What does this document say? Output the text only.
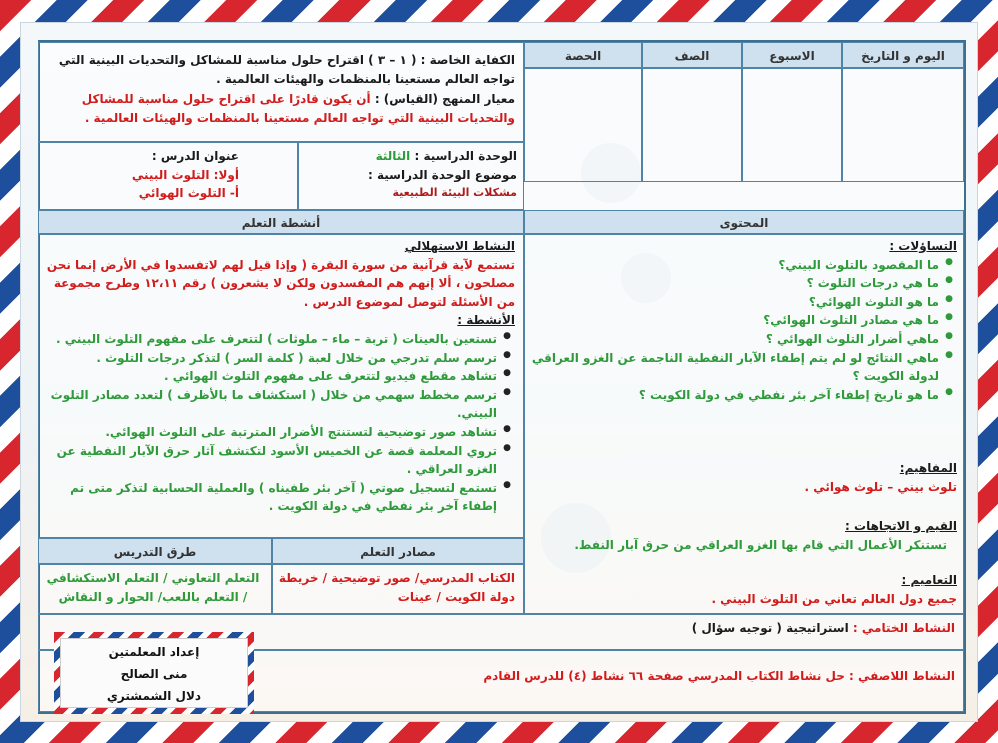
اليوم و التاريخ
الاسبوع
الصف
الحصة
الكفاية الخاصة : ( ١ – ٣ ) اقتراح حلول مناسبة للمشاكل والتحديات البينية التي تواجه العالم مستعينا بالمنظمات والهيئات العالمية .
معيار المنهج (القياس) : أن يكون قادرًا على اقتراح حلول مناسبة للمشاكل والتحديات البينية التي تواجه العالم مستعينا بالمنظمات والهيئات العالمية .
الوحدة الدراسية : الثالثة
موضوع الوحدة الدراسية :
مشكلات البيئة الطبيعية
عنوان الدرس :
أولا: التلوث البيني
أ- التلوث الهوائي
المحتوى
أنشطة التعلم
النشاط الاستهلالي
تستمع لآية قرآنية من سورة البقرة ( وإذا قيل لهم لاتفسدوا في الأرض إنما نحن مصلحون ، ألا إنهم هم المفسدون ولكن لا يشعرون ) رقم ١٢،١١ وطرح مجموعة من الأسئلة لتوصل لموضوع الدرس .
الأنشطة :
● تستعين بالعينات ( تربة – ماء – ملوثات ) لتتعرف على مفهوم التلوث البيني .
● ترسم سلم تدرجي من خلال لعبة ( كلمة السر ) لتذكر درجات التلوث .
● تشاهد مقطع فيديو لتتعرف على مفهوم التلوث الهوائي .
● ترسم مخطط سهمي من خلال ( استكشاف ما بالأظرف ) لتعدد مصادر التلوث البيني.
● تشاهد صور توضيحية لتستنتج الأضرار المترتبة على التلوث الهوائي.
● تروي المعلمة قصة عن الخميس الأسود لتكتشف آثار حرق الآبار النفطية عن الغزو العراقي .
● تستمع لتسجيل صوتي ( آخر بئر طفيناه ) والعملية الحسابية لتذكر متى تم إطفاء آخر بئر نفطي في دولة الكويت .
مصادر التعلم
طرق التدريس
الكتاب المدرسي/ صور توضيحية / خريطة دولة الكويت / عينات
التعلم التعاوني / التعلم الاستكشافي / التعلم باللعب/ الحوار و النقاش
التساؤلات :
● ما المقصود بالتلوث البيني؟
● ما هي درجات التلوث ؟
● ما هو التلوث الهوائي؟
● ما هي مصادر التلوث الهوائي؟
● ماهي أضرار التلوث الهوائي ؟
● ماهي النتائج لو لم يتم إطفاء الآبار النفطية الناجمة عن الغزو العراقي لدولة الكويت ؟
● ما هو تاريخ إطفاء آخر بئر نفطي في دولة الكويت ؟
المفاهيم:
تلوث بيني – تلوث هوائي .
القيم و الاتجاهات :
تستنكر الأعمال التي قام بها الغزو العراقي من حرق آبار النفط.
التعاميم :
جميع دول العالم تعاني من التلوث البيني .
النشاط الختامي : استراتيجية ( توجيه سؤال )
النشاط اللاصفي : حل نشاط الكتاب المدرسي صفحة ٦٦ نشاط (٤) للدرس القادم
إعداد المعلمتين
منى الصالح
دلال الشمشتري
